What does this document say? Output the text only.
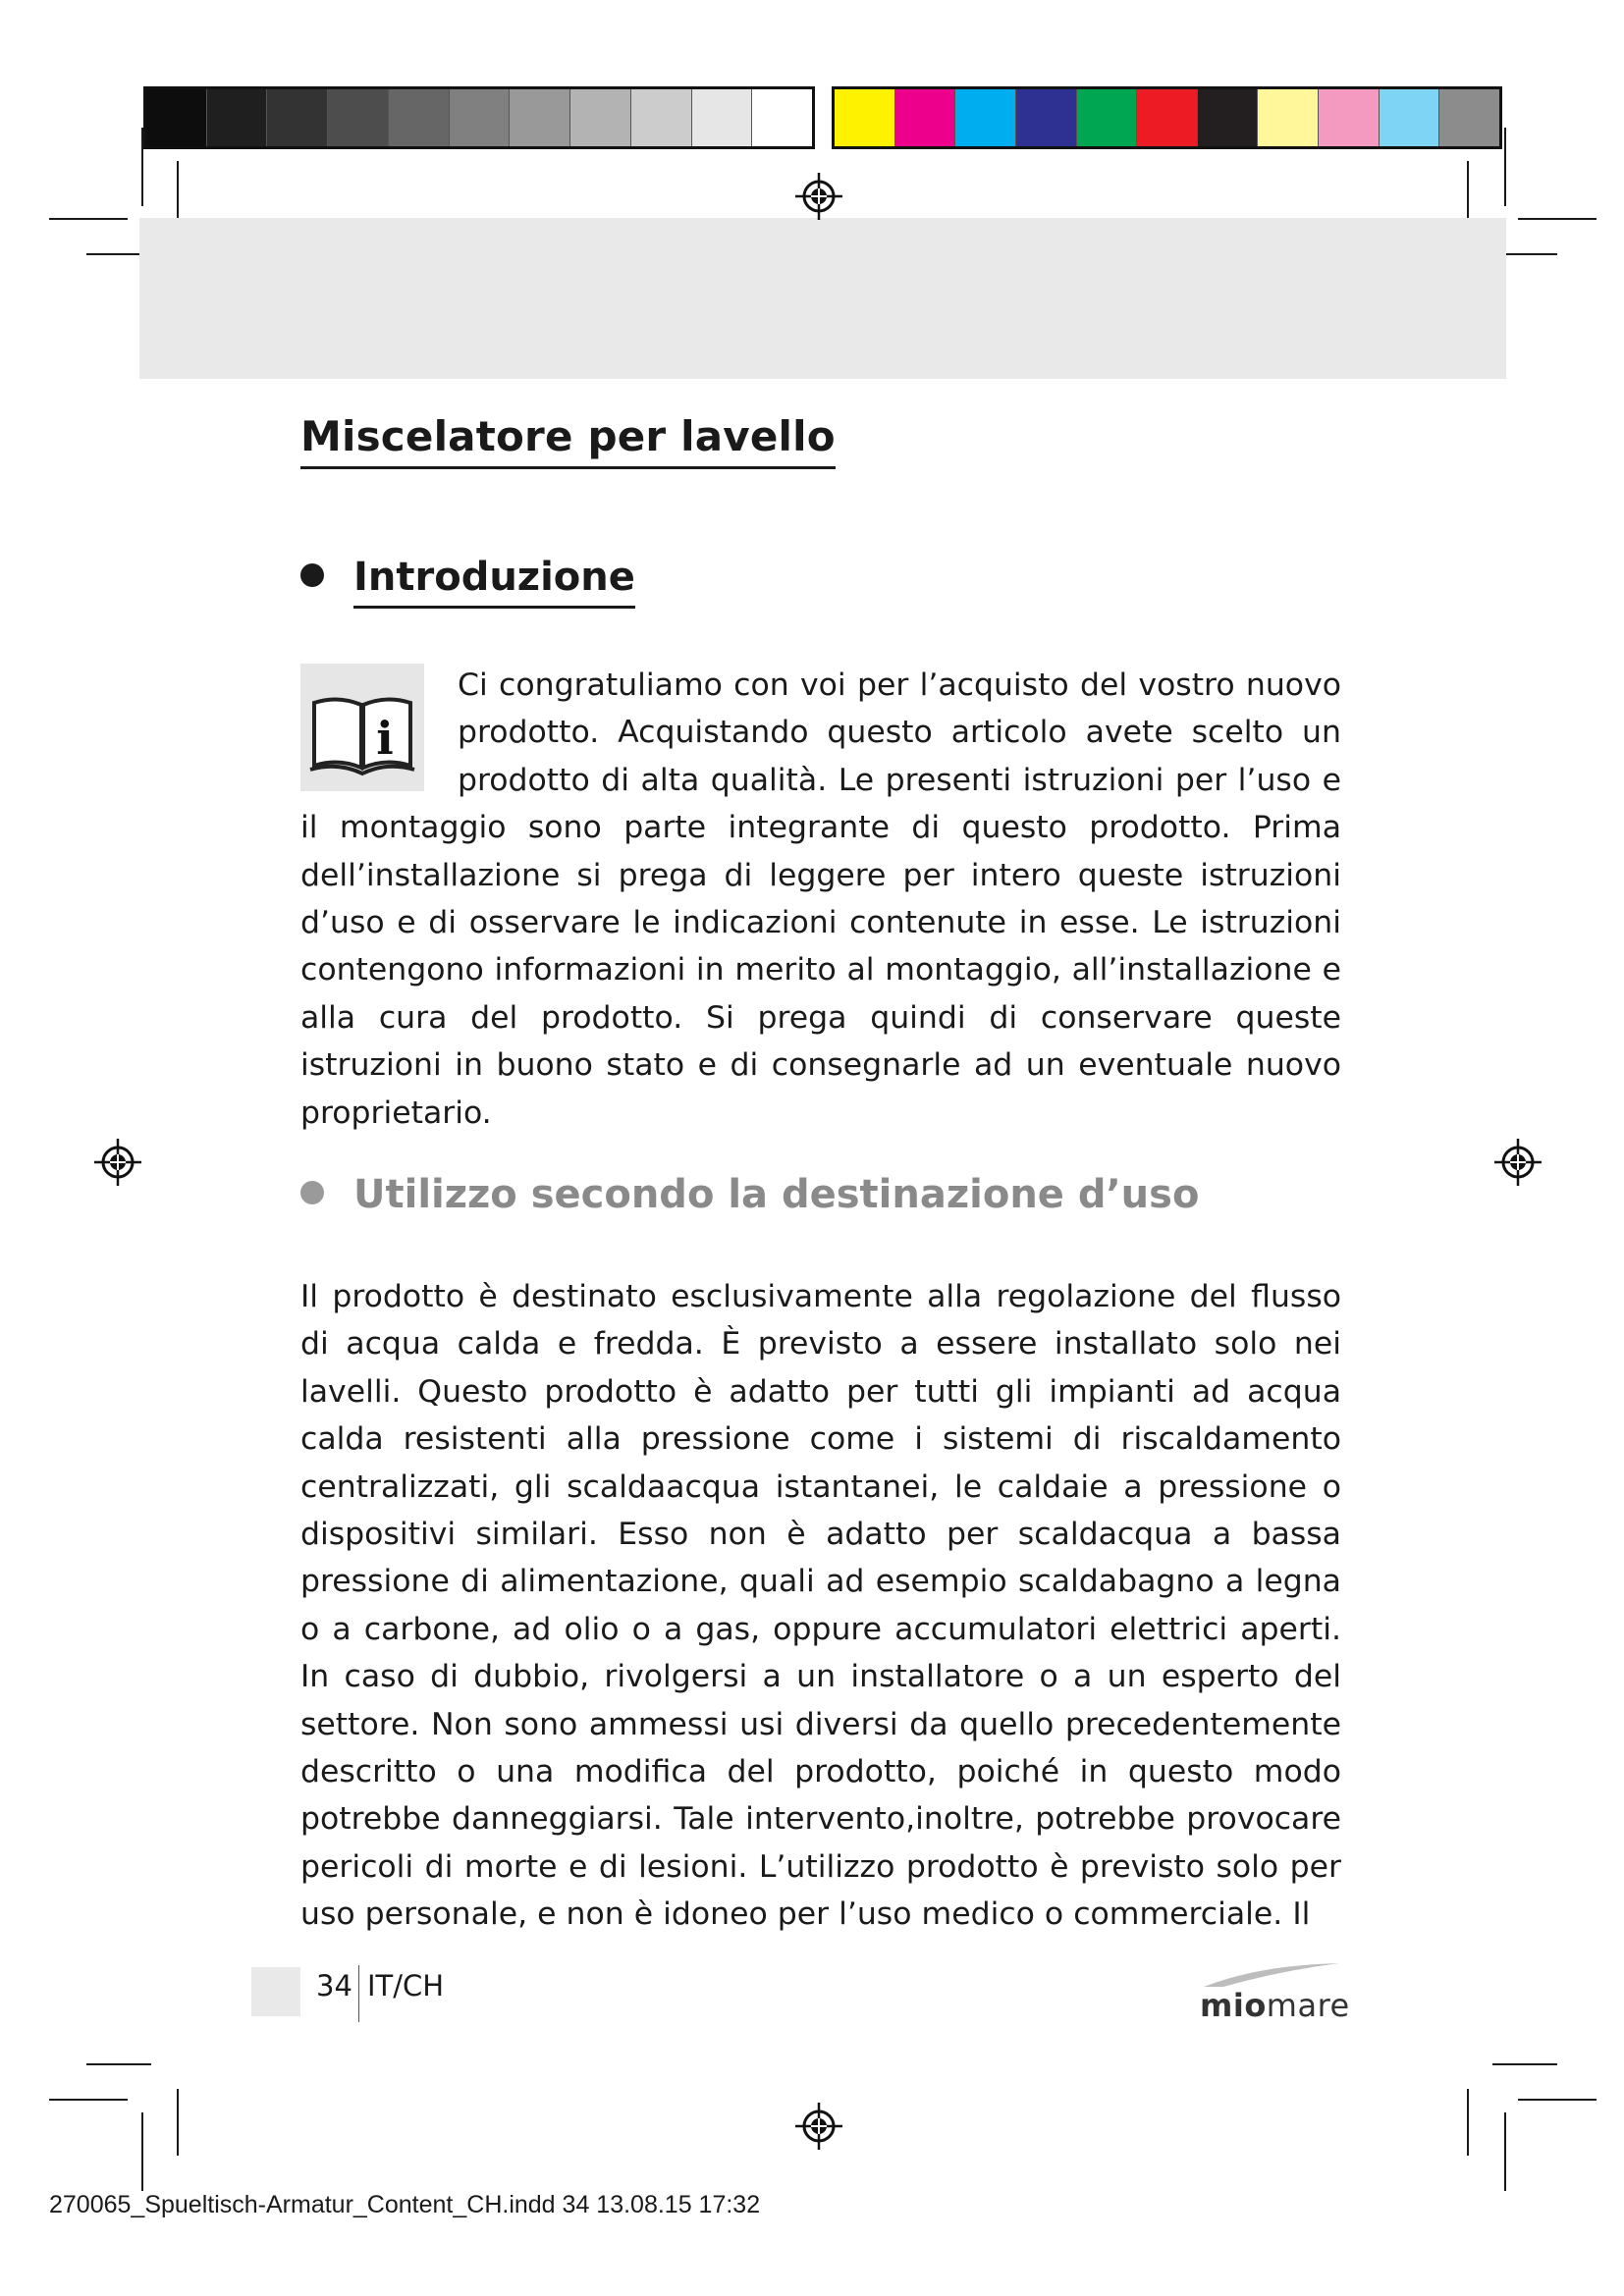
Miscelatore per lavello
Introduzione
i

Ci congratuliamo con voi per l’acquisto del vostro nuovo prodotto. Acquistando questo articolo avete scelto un prodotto di alta qualità. Le presenti istruzioni per l’uso e il montaggio sono parte integrante di questo prodotto. Prima dell’installazione si prega di leggere per intero queste istruzioni d’uso e di osservare le indicazioni contenute in esse. Le istruzioni contengono informazioni in merito al montaggio, all’installazione e alla cura del prodotto. Si prega quindi di conservare queste istruzioni in buono stato e di consegnarle ad un eventuale nuovo proprietario.

Utilizzo secondo la destinazione d’uso

Il prodotto è destinato esclusivamente alla regolazione del flusso di acqua calda e fredda. È previsto a essere installato solo nei lavelli. Questo prodotto è adatto per tutti gli impianti ad acqua calda resistenti alla pressione come i sistemi di riscaldamento centralizzati, gli scaldaacqua istantanei, le caldaie a pressione o dispositivi similari. Esso non è adatto per scaldacqua a bassa pressione di alimentazione, quali ad esempio scaldabagno a legna o a carbone, ad olio o a gas, oppure accumulatori elettrici aperti. In caso di dubbio, rivolgersi a un installatore o a un esperto del settore. Non sono ammessi usi diversi da quello precedentemente descritto o una modifica del prodotto, poiché in questo modo potrebbe danneggiarsi. Tale intervento,inoltre, potrebbe provocare pericoli di morte e di lesioni. L’utilizzo prodotto è previsto solo per uso personale, e non è idoneo per l’uso medico o commerciale. Il

34 IT/CH
miomare
270065_Spueltisch-Armatur_Content_CH.indd 34 13.08.15 17:32
